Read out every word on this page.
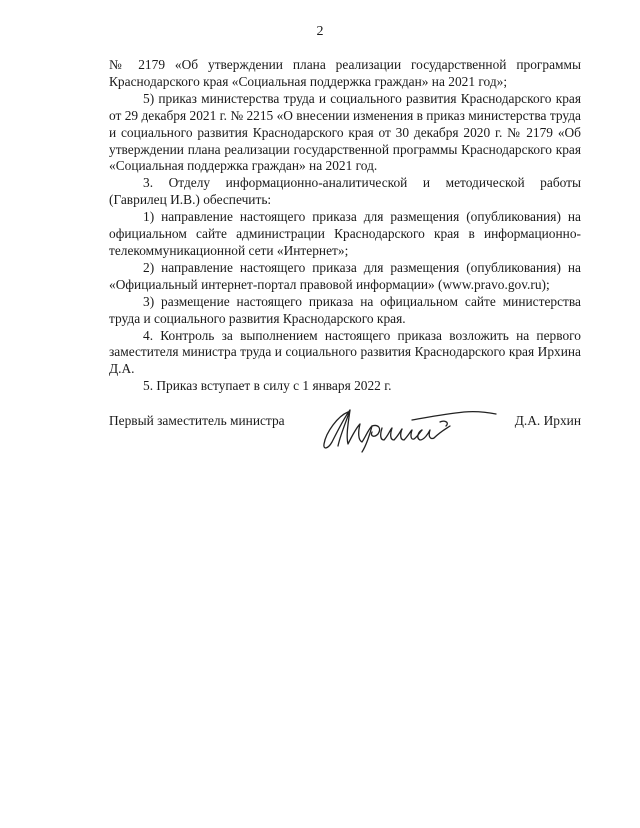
2

№ 2179 «Об утверждении плана реализации государственной программы Краснодарского края «Социальная поддержка граждан» на 2021 год»;

5) приказ министерства труда и социального развития Краснодарского края от 29 декабря 2021 г. № 2215 «О внесении изменения в приказ министерства труда и социального развития Краснодарского края от 30 декабря 2020 г. № 2179 «Об утверждении плана реализации государственной программы Краснодарского края «Социальная поддержка граждан» на 2021 год.

3. Отделу информационно-аналитической и методической работы (Гаврилец И.В.) обеспечить:

1) направление настоящего приказа для размещения (опубликования) на официальном сайте администрации Краснодарского края в информационно-телекоммуникационной сети «Интернет»;

2) направление настоящего приказа для размещения (опубликования) на «Официальный интернет-портал правовой информации» (www.pravo.gov.ru);

3) размещение настоящего приказа на официальном сайте министерства труда и социального развития Краснодарского края.

4. Контроль за выполнением настоящего приказа возложить на первого заместителя министра труда и социального развития Краснодарского края Ирхина Д.А.

5. Приказ вступает в силу с 1 января 2022 г.

Первый заместитель министра	Д.А. Ирхин
